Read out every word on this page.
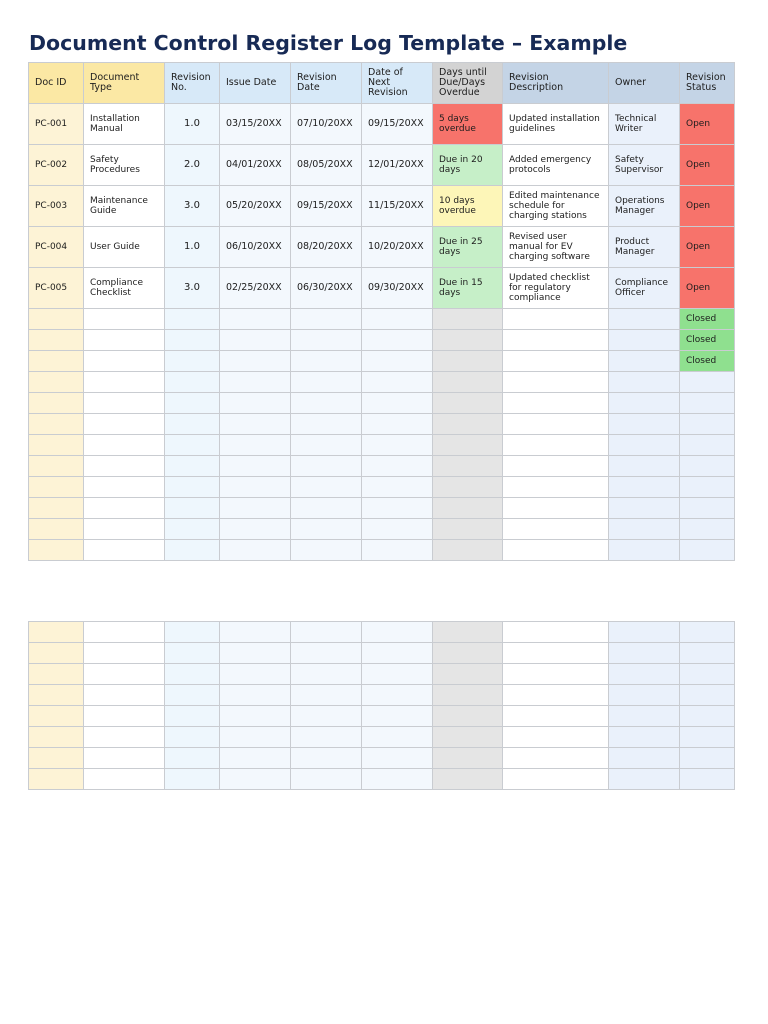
Document Control Register Log Template – Example
Doc ID	Document Type	Revision No.	Issue Date	Revision Date	Date of Next Revision	Days until Due/Days Overdue	Revision Description	Owner	Revision Status
PC-001	Installation Manual	1.0	03/15/20XX	07/10/20XX	09/15/20XX	5 days overdue	Updated installation guidelines	Technical Writer	Open
PC-002	Safety Procedures	2.0	04/01/20XX	08/05/20XX	12/01/20XX	Due in 20 days	Added emergency protocols	Safety Supervisor	Open
PC-003	Maintenance Guide	3.0	05/20/20XX	09/15/20XX	11/15/20XX	10 days overdue	Edited maintenance schedule for charging stations	Operations Manager	Open
PC-004	User Guide	1.0	06/10/20XX	08/20/20XX	10/20/20XX	Due in 25 days	Revised user manual for EV charging software	Product Manager	Open
PC-005	Compliance Checklist	3.0	02/25/20XX	06/30/20XX	09/30/20XX	Due in 15 days	Updated checklist for regulatory compliance	Compliance Officer	Open
									Closed
									Closed
									Closed
